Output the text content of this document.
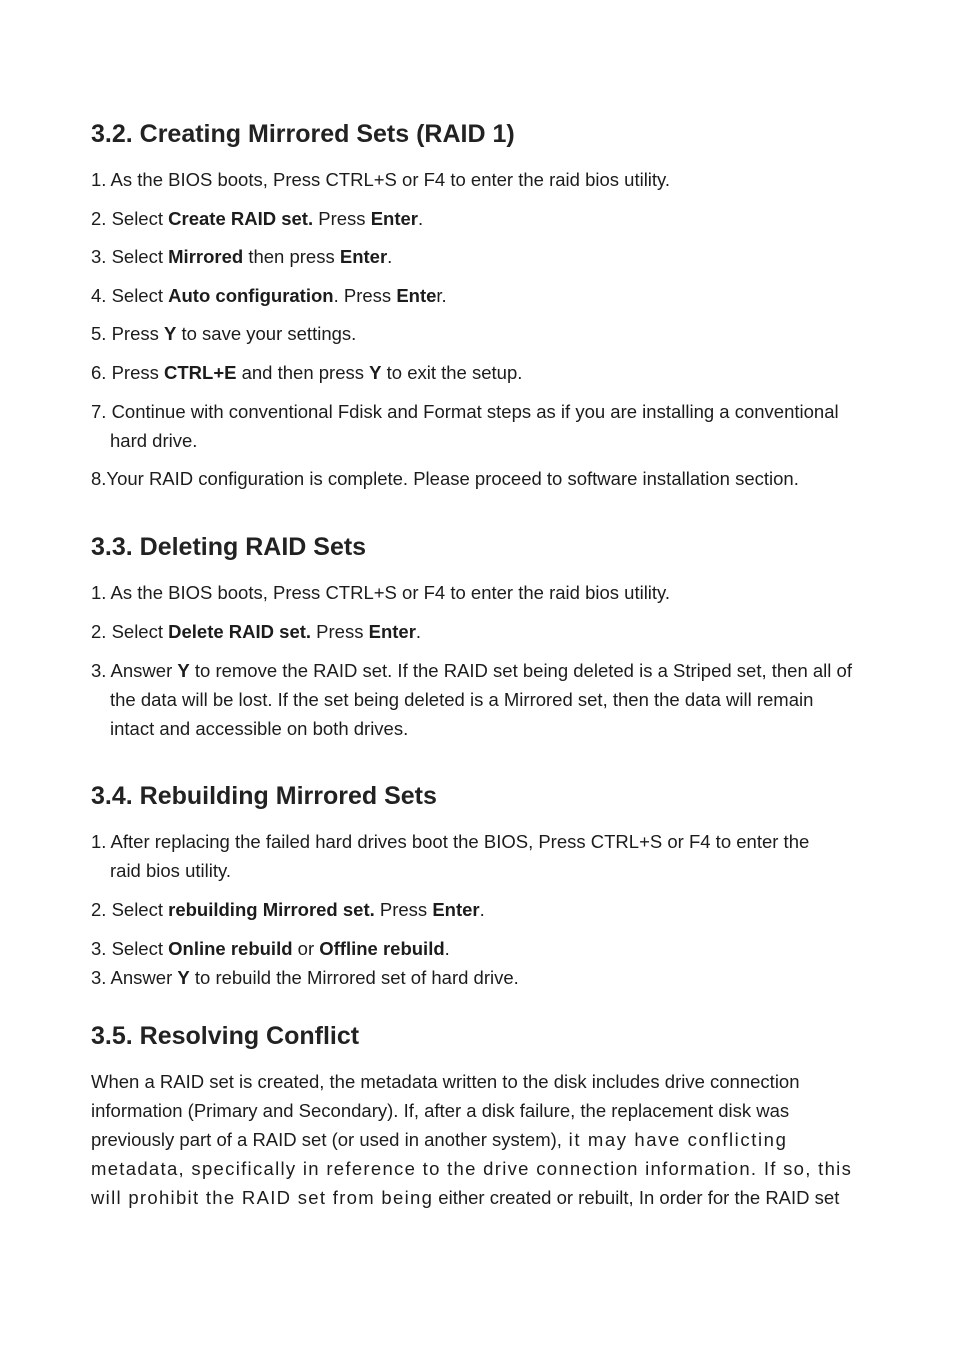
3.2. Creating Mirrored Sets (RAID 1)

1. As the BIOS boots, Press CTRL+S or F4 to enter the raid bios utility.

2. Select Create RAID set. Press Enter.

3. Select Mirrored then press Enter.

4. Select Auto configuration. Press Enter.

5. Press Y to save your settings.

6. Press CTRL+E and then press Y to exit the setup.

7. Continue with conventional Fdisk and Format steps as if you are installing a conventional

hard drive.

8.Your RAID configuration is complete. Please proceed to software installation section.

3.3. Deleting RAID Sets

1. As the BIOS boots, Press CTRL+S or F4 to enter the raid bios utility.

2. Select Delete RAID set. Press Enter.

3. Answer Y to remove the RAID set. If the RAID set being deleted is a Striped set, then all of

the data will be lost. If the set being deleted is a Mirrored set, then the data will remain

intact and accessible on both drives.

3.4. Rebuilding Mirrored Sets

1. After replacing the failed hard drives boot the BIOS, Press CTRL+S or F4 to enter the

raid bios utility.

2. Select rebuilding Mirrored set. Press Enter.

3. Select Online rebuild or Offline rebuild.

3. Answer Y to rebuild the Mirrored set of hard drive.

3.5. Resolving Conflict

When a RAID set is created, the metadata written to the disk includes drive connection

information (Primary and Secondary). If, after a disk failure, the replacement disk was

previously part of a RAID set (or used in another system), it may have conflicting

metadata, specifically in reference to the drive connection information. If so, this

will prohibit the RAID set from being either created or rebuilt, In order for the RAID set
